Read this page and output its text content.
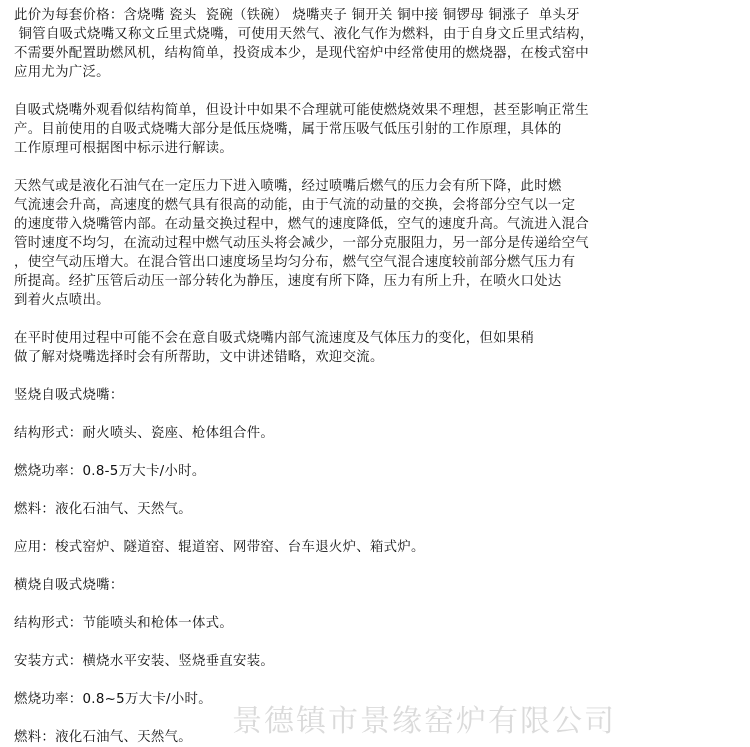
此价为每套价格：含烧嘴 瓷头  瓷碗（铁碗） 烧嘴夹子 铜开关 铜中接 铜锣母 铜涨子  单头牙

铜管自吸式烧嘴又称文丘里式烧嘴，可使用天然气、液化气作为燃料，由于自身文丘里式结构，

不需要外配置助燃风机，结构简单，投资成本少，是现代窑炉中经常使用的燃烧器，在梭式窑中

应用尤为广泛。

自吸式烧嘴外观看似结构简单，但设计中如果不合理就可能使燃烧效果不理想，甚至影响正常生

产。目前使用的自吸式烧嘴大部分是低压烧嘴，属于常压吸气低压引射的工作原理，具体的

工作原理可根据图中标示进行解读。

天然气或是液化石油气在一定压力下进入喷嘴，经过喷嘴后燃气的压力会有所下降，此时燃

气流速会升高，高速度的燃气具有很高的动能，由于气流的动量的交换，会将部分空气以一定

的速度带入烧嘴管内部。在动量交换过程中，燃气的速度降低，空气的速度升高。气流进入混合

管时速度不均匀，在流动过程中燃气动压头将会减少，一部分克服阻力，另一部分是传递给空气

，使空气动压增大。在混合管出口速度场呈均匀分布，燃气空气混合速度较前部分燃气压力有

所提高。经扩压管后动压一部分转化为静压，速度有所下降，压力有所上升，在喷火口处达

到着火点喷出。

在平时使用过程中可能不会在意自吸式烧嘴内部气流速度及气体压力的变化，但如果稍

做了解对烧嘴选择时会有所帮助，文中讲述错略，欢迎交流。

竖烧自吸式烧嘴：

结构形式：耐火喷头、瓷座、枪体组合件。

燃烧功率：0.8-5万大卡/小时。

燃料：液化石油气、天然气。

应用：梭式窑炉、隧道窑、辊道窑、网带窑、台车退火炉、箱式炉。

横烧自吸式烧嘴：

结构形式：节能喷头和枪体一体式。

安装方式：横烧水平安装、竖烧垂直安装。

燃烧功率：0.8~5万大卡/小时。

燃料：液化石油气、天然气。	景德镇市景缘窑炉有限公司
